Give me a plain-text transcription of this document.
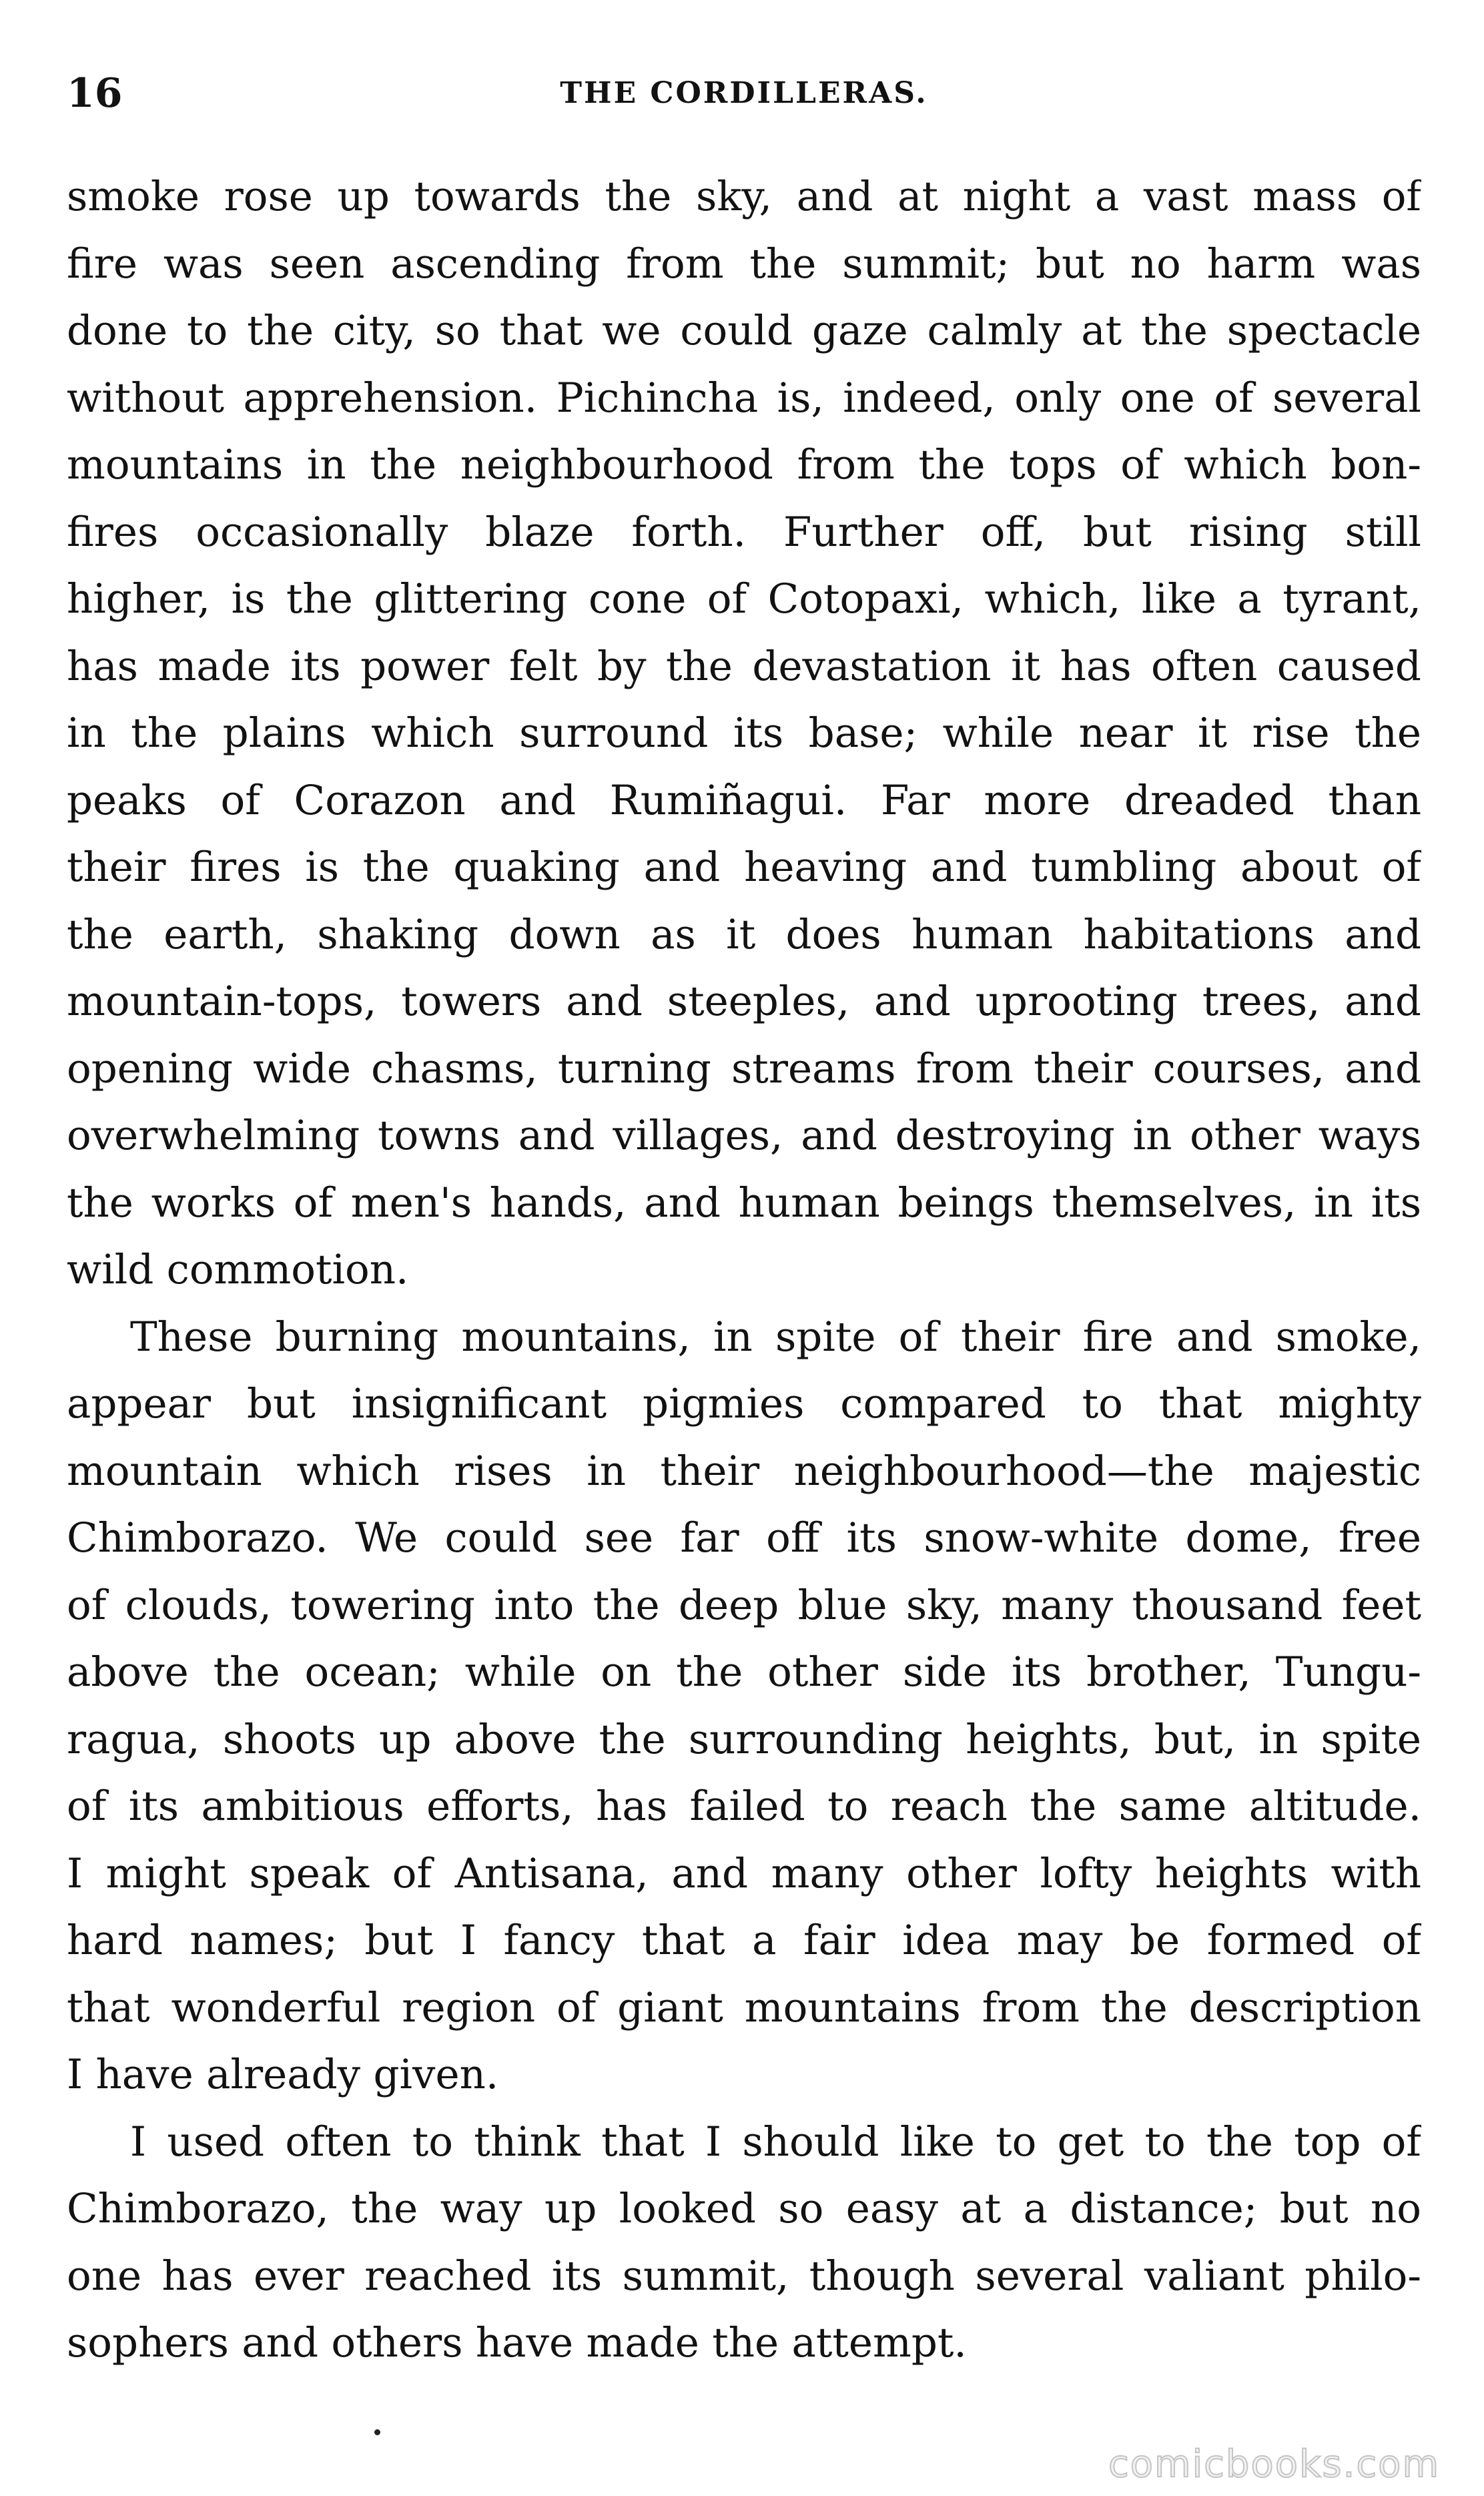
16	THE CORDILLERAS.
smoke rose up towards the sky, and at night a vast mass of
fire was seen ascending from the summit; but no harm was
done to the city, so that we could gaze calmly at the spectacle
without apprehension. Pichincha is, indeed, only one of several
mountains in the neighbourhood from the tops of which bon-
fires occasionally blaze forth. Further off, but rising still
higher, is the glittering cone of Cotopaxi, which, like a tyrant,
has made its power felt by the devastation it has often caused
in the plains which surround its base; while near it rise the
peaks of Corazon and Rumiñagui. Far more dreaded than
their fires is the quaking and heaving and tumbling about of
the earth, shaking down as it does human habitations and
mountain-tops, towers and steeples, and uprooting trees, and
opening wide chasms, turning streams from their courses, and
overwhelming towns and villages, and destroying in other ways
the works of men's hands, and human beings themselves, in its
wild commotion.
These burning mountains, in spite of their fire and smoke,
appear but insignificant pigmies compared to that mighty
mountain which rises in their neighbourhood—the majestic
Chimborazo. We could see far off its snow-white dome, free
of clouds, towering into the deep blue sky, many thousand feet
above the ocean; while on the other side its brother, Tungu-
ragua, shoots up above the surrounding heights, but, in spite
of its ambitious efforts, has failed to reach the same altitude.
I might speak of Antisana, and many other lofty heights with
hard names; but I fancy that a fair idea may be formed of
that wonderful region of giant mountains from the description
I have already given.
I used often to think that I should like to get to the top of
Chimborazo, the way up looked so easy at a distance; but no
one has ever reached its summit, though several valiant philo-
sophers and others have made the attempt.
comicbooks.com
